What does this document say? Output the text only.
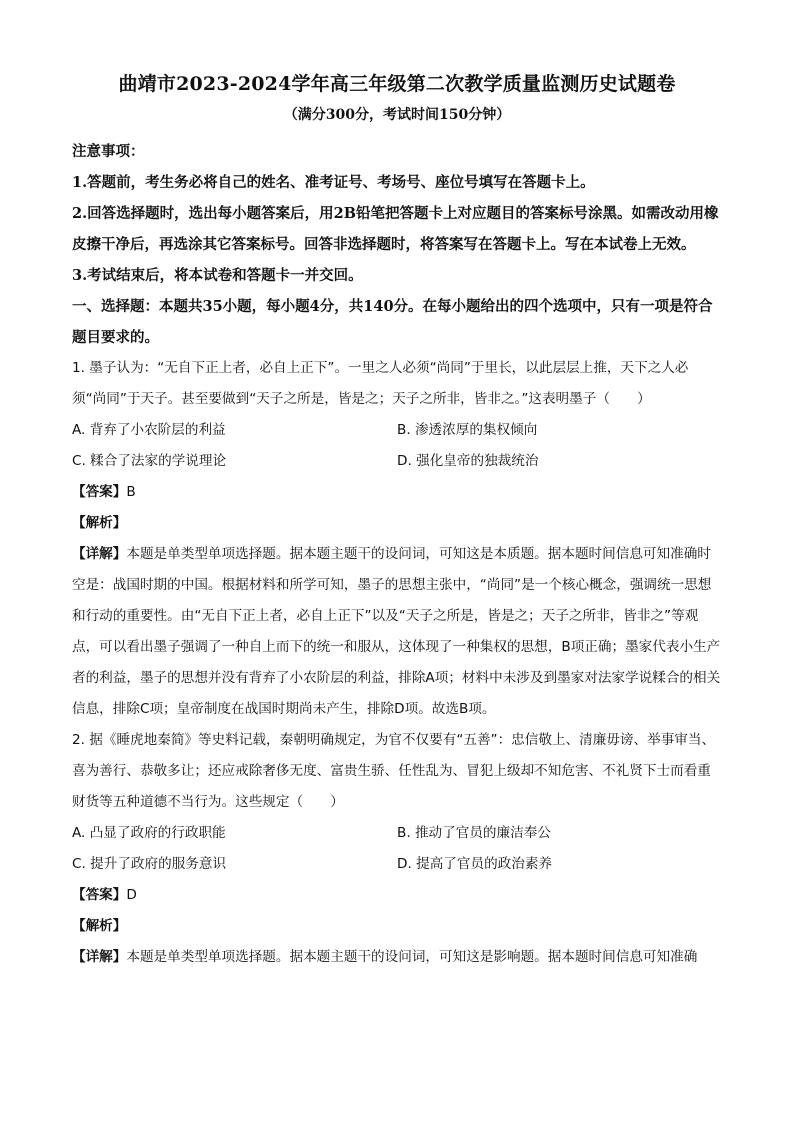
曲靖市2023-2024学年高三年级第二次教学质量监测历史试题卷
（满分300分，考试时间150分钟）

注意事项：

1.答题前，考生务必将自己的姓名、准考证号、考场号、座位号填写在答题卡上。

2.回答选择题时，选出每小题答案后，用2B铅笔把答题卡上对应题目的答案标号涂黑。如需改动用橡皮擦干净后，再选涂其它答案标号。回答非选择题时，将答案写在答题卡上。写在本试卷上无效。

3.考试结束后，将本试卷和答题卡一并交回。

一、选择题：本题共35小题，每小题4分，共140分。在每小题给出的四个选项中，只有一项是符合题目要求的。

1. 墨子认为：“无自下正上者，必自上正下”。一里之人必须“尚同”于里长，以此层层上推，天下之人必须“尚同”于天子。甚至要做到“天子之所是，皆是之；天子之所非，皆非之。”这表明墨子（　　）

A. 背弃了小农阶层的利益	B. 渗透浓厚的集权倾向
C. 糅合了法家的学说理论	D. 强化皇帝的独裁统治

【答案】B

【解析】

【详解】本题是单类型单项选择题。据本题主题干的设问词，可知这是本质题。据本题时间信息可知准确时空是：战国时期的中国。根据材料和所学可知，墨子的思想主张中，“尚同”是一个核心概念，强调统一思想和行动的重要性。由“无自下正上者，必自上正下”以及“天子之所是，皆是之；天子之所非，皆非之”等观点，可以看出墨子强调了一种自上而下的统一和服从，这体现了一种集权的思想，B项正确；墨家代表小生产者的利益，墨子的思想并没有背弃了小农阶层的利益，排除A项；材料中未涉及到墨家对法家学说糅合的相关信息，排除C项；皇帝制度在战国时期尚未产生，排除D项。故选B项。

2. 据《睡虎地秦简》等史料记载，秦朝明确规定，为官不仅要有“五善”：忠信敬上、清廉毋谤、举事审当、喜为善行、恭敬多让；还应戒除奢侈无度、富贵生骄、任性乱为、冒犯上级却不知危害、不礼贤下士而看重财货等五种道德不当行为。这些规定（　　）

A. 凸显了政府的行政职能	B. 推动了官员的廉洁奉公
C. 提升了政府的服务意识	D. 提高了官员的政治素养

【答案】D

【解析】

【详解】本题是单类型单项选择题。据本题主题干的设问词，可知这是影响题。据本题时间信息可知准确
